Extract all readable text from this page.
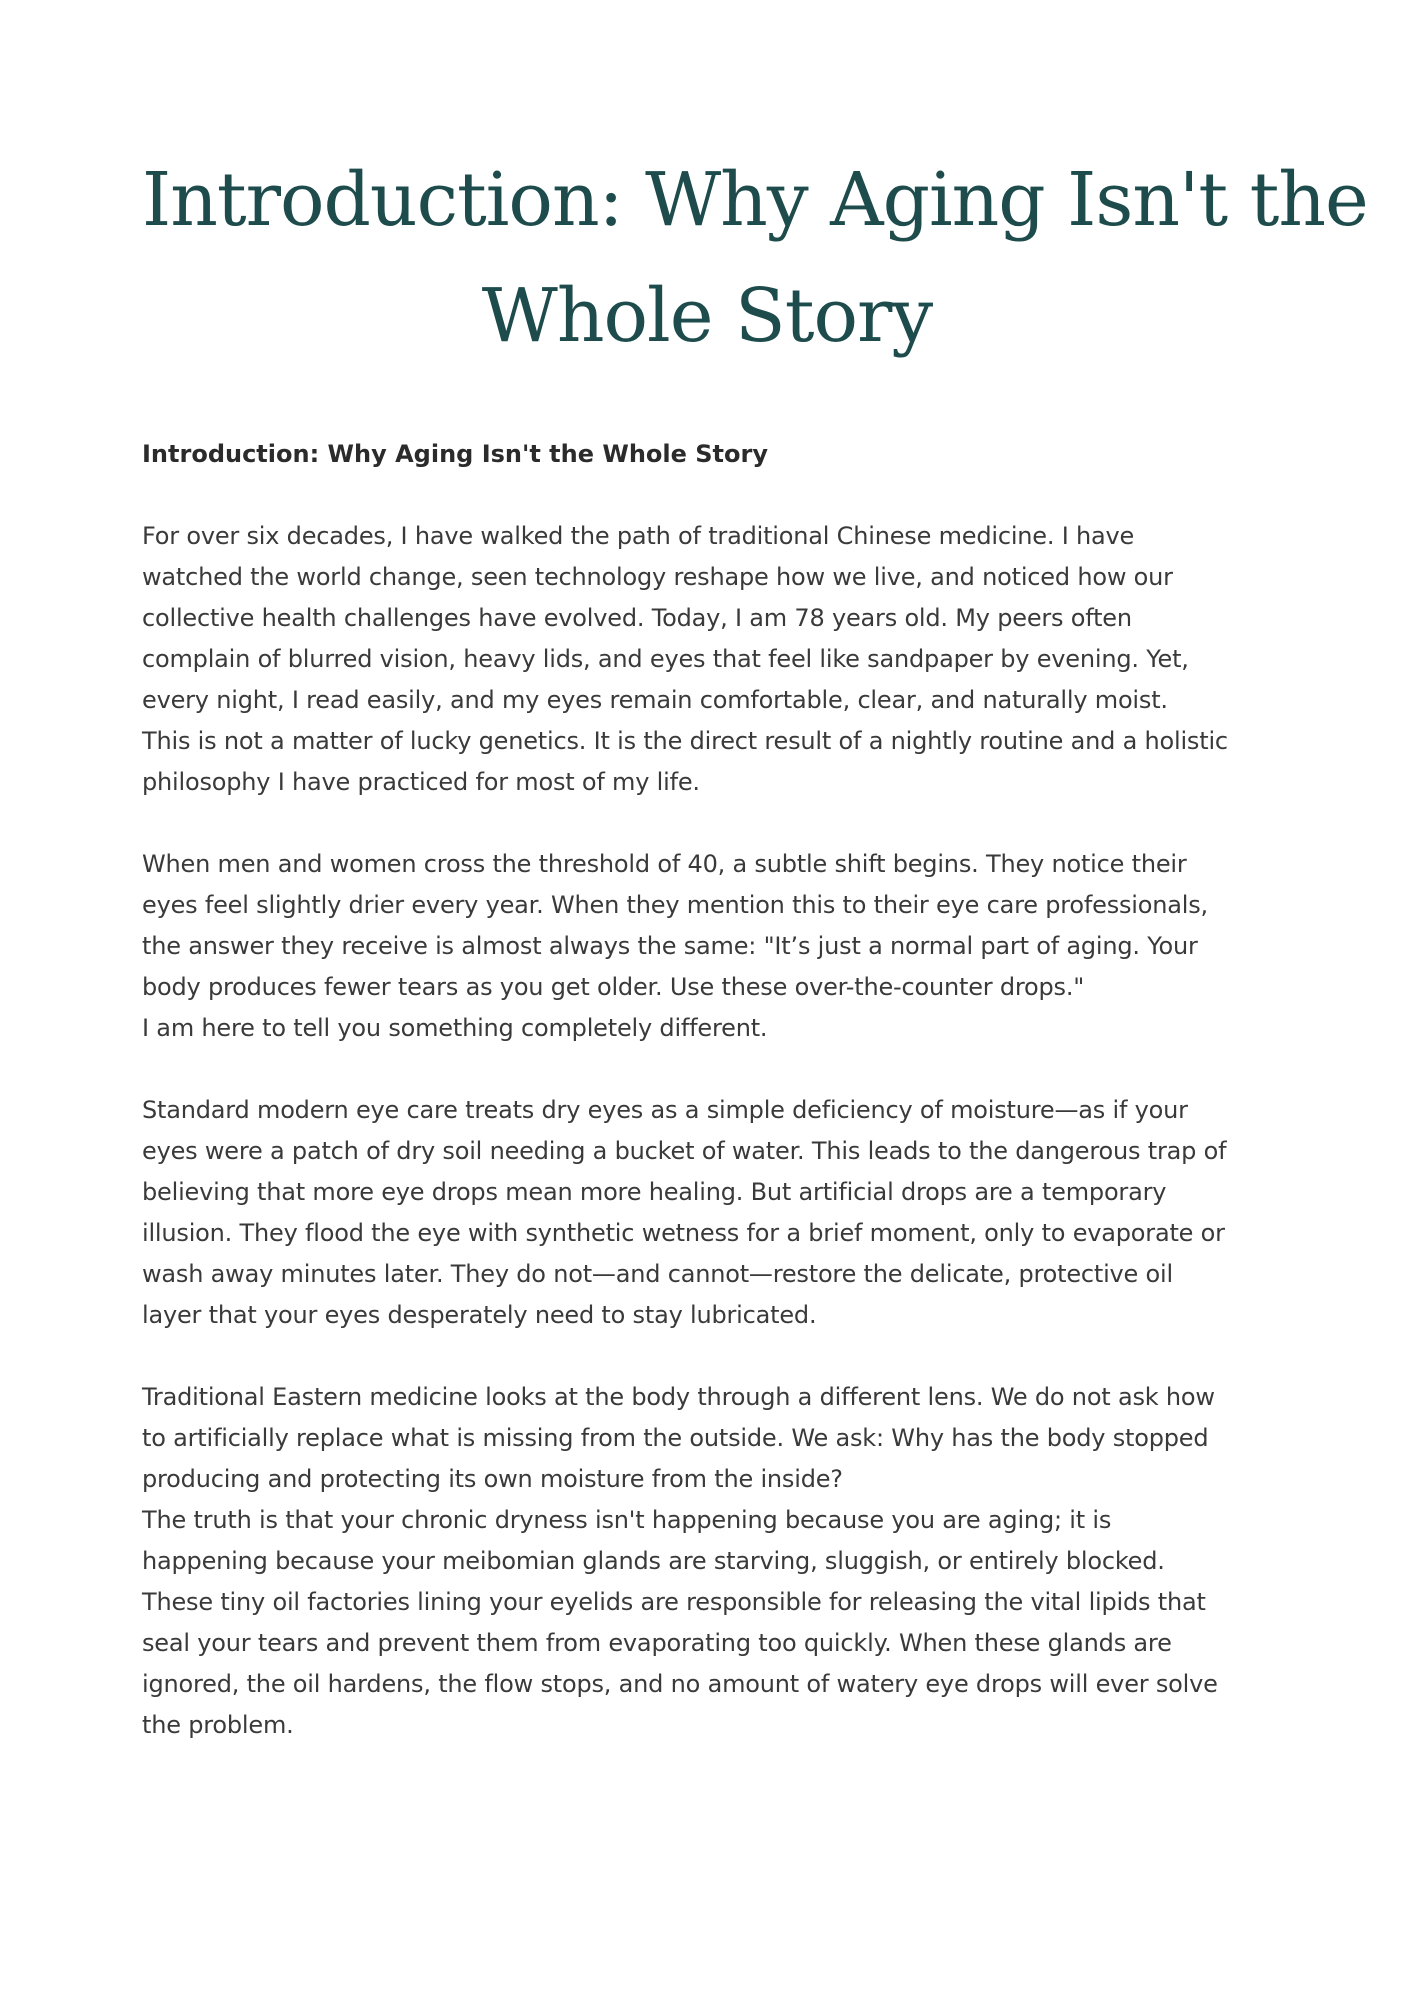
Introduction: Why Aging Isn't the
Whole Story
Introduction: Why Aging Isn't the Whole Story

For over six decades, I have walked the path of traditional Chinese medicine. I have
watched the world change, seen technology reshape how we live, and noticed how our
collective health challenges have evolved. Today, I am 78 years old. My peers often
complain of blurred vision, heavy lids, and eyes that feel like sandpaper by evening. Yet,
every night, I read easily, and my eyes remain comfortable, clear, and naturally moist.
This is not a matter of lucky genetics. It is the direct result of a nightly routine and a holistic
philosophy I have practiced for most of my life.

When men and women cross the threshold of 40, a subtle shift begins. They notice their
eyes feel slightly drier every year. When they mention this to their eye care professionals,
the answer they receive is almost always the same: "It’s just a normal part of aging. Your
body produces fewer tears as you get older. Use these over-the-counter drops."
I am here to tell you something completely different.

Standard modern eye care treats dry eyes as a simple deficiency of moisture—as if your
eyes were a patch of dry soil needing a bucket of water. This leads to the dangerous trap of
believing that more eye drops mean more healing. But artificial drops are a temporary
illusion. They flood the eye with synthetic wetness for a brief moment, only to evaporate or
wash away minutes later. They do not—and cannot—restore the delicate, protective oil
layer that your eyes desperately need to stay lubricated.

Traditional Eastern medicine looks at the body through a different lens. We do not ask how
to artificially replace what is missing from the outside. We ask: Why has the body stopped
producing and protecting its own moisture from the inside?
The truth is that your chronic dryness isn't happening because you are aging; it is
happening because your meibomian glands are starving, sluggish, or entirely blocked.
These tiny oil factories lining your eyelids are responsible for releasing the vital lipids that
seal your tears and prevent them from evaporating too quickly. When these glands are
ignored, the oil hardens, the flow stops, and no amount of watery eye drops will ever solve
the problem.
